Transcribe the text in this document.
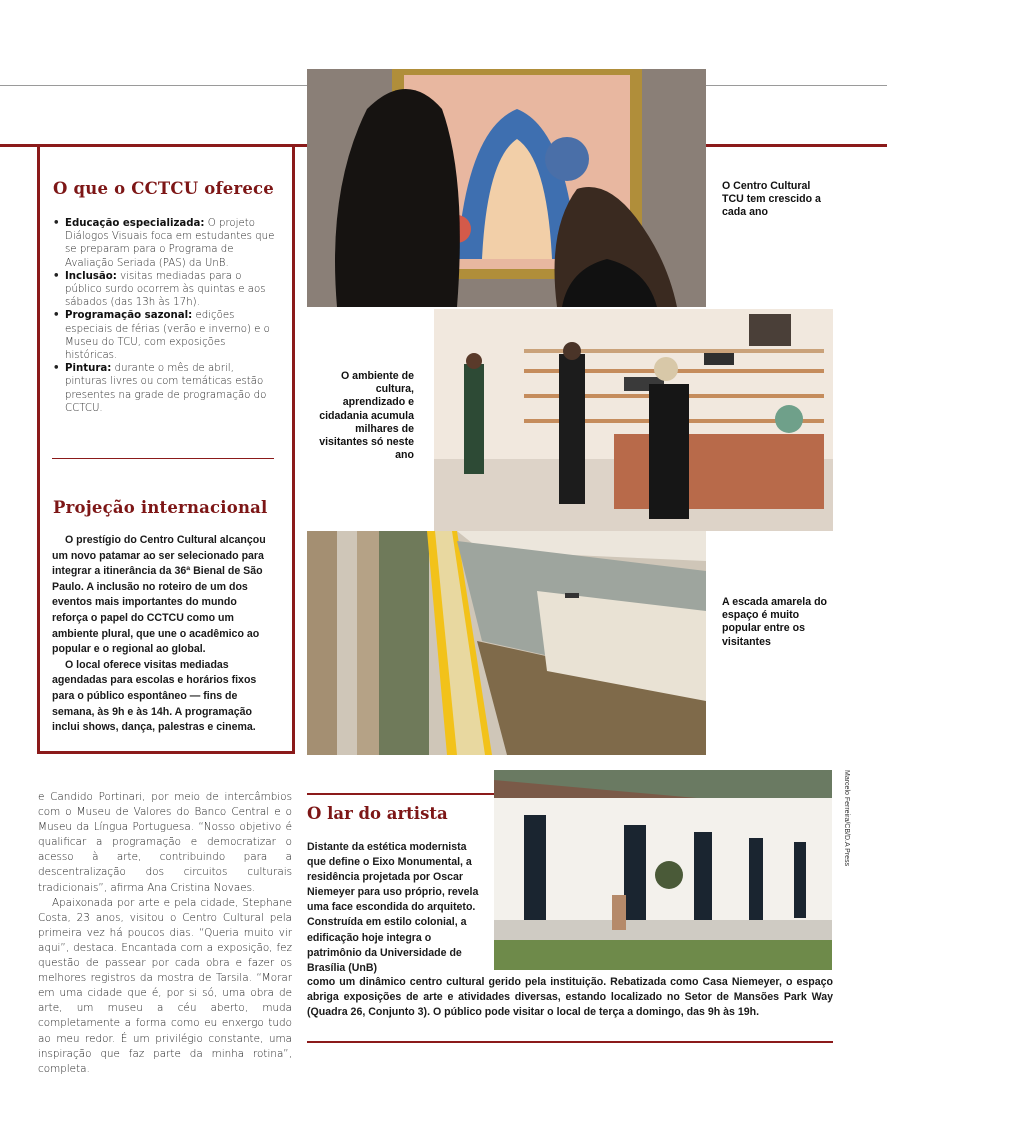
O que o CCTCU oferece
• Educação especializada: O projeto Diálogos Visuais foca em estudantes que se preparam para o Programa de Avaliação Seriada (PAS) da UnB.
• Inclusão: visitas mediadas para o público surdo ocorrem às quintas e aos sábados (das 13h às 17h).
• Programação sazonal: edições especiais de férias (verão e inverno) e o Museu do TCU, com exposições históricas.
• Pintura: durante o mês de abril, pinturas livres ou com temáticas estão presentes na grade de programação do CCTCU.
Projeção internacional

O prestígio do Centro Cultural alcançou um novo patamar ao ser selecionado para integrar a itinerância da 36ª Bienal de São Paulo. A inclusão no roteiro de um dos eventos mais importantes do mundo reforça o papel do CCTCU como um ambiente plural, que une o acadêmico ao popular e o regional ao global.

O local oferece visitas mediadas agendadas para escolas e horários fixos para o público espontâneo — fins de semana, às 9h e às 14h. A programação inclui shows, dança, palestras e cinema.

O Centro Cultural TCU tem crescido a cada ano
O ambiente de cultura, aprendizado e cidadania acumula milhares de visitantes só neste ano
A escada amarela do espaço é muito popular entre os visitantes

e Candido Portinari, por meio de intercâmbios com o Museu de Valores do Banco Central e o Museu da Língua Portuguesa. “Nosso objetivo é qualificar a programação e democratizar o acesso à arte, contribuindo para a descentralização dos circuitos culturais tradicionais”, afirma Ana Cristina Novaes.

Apaixonada por arte e pela cidade, Stephane Costa, 23 anos, visitou o Centro Cultural pela primeira vez há poucos dias. “Queria muito vir aqui”, destaca. Encantada com a exposição, fez questão de passear por cada obra e fazer os melhores registros da mostra de Tarsila. “Morar em uma cidade que é, por si só, uma obra de arte, um museu a céu aberto, muda completamente a forma como eu enxergo tudo ao meu redor. É um privilégio constante, uma inspiração que faz parte da minha rotina”, completa.

O lar do artista
Distante da estética modernista que define o Eixo Monumental, a residência projetada por Oscar Niemeyer para uso próprio, revela uma face escondida do arquiteto. Construída em estilo colonial, a edificação hoje integra o patrimônio da Universidade de Brasília (UnB)
Marcelo Ferreira/CB/D.A Press
como um dinâmico centro cultural gerido pela instituição. Rebatizada como Casa Niemeyer, o espaço abriga exposições de arte e atividades diversas, estando localizado no Setor de Mansões Park Way (Quadra 26, Conjunto 3). O público pode visitar o local de terça a domingo, das 9h às 19h.
